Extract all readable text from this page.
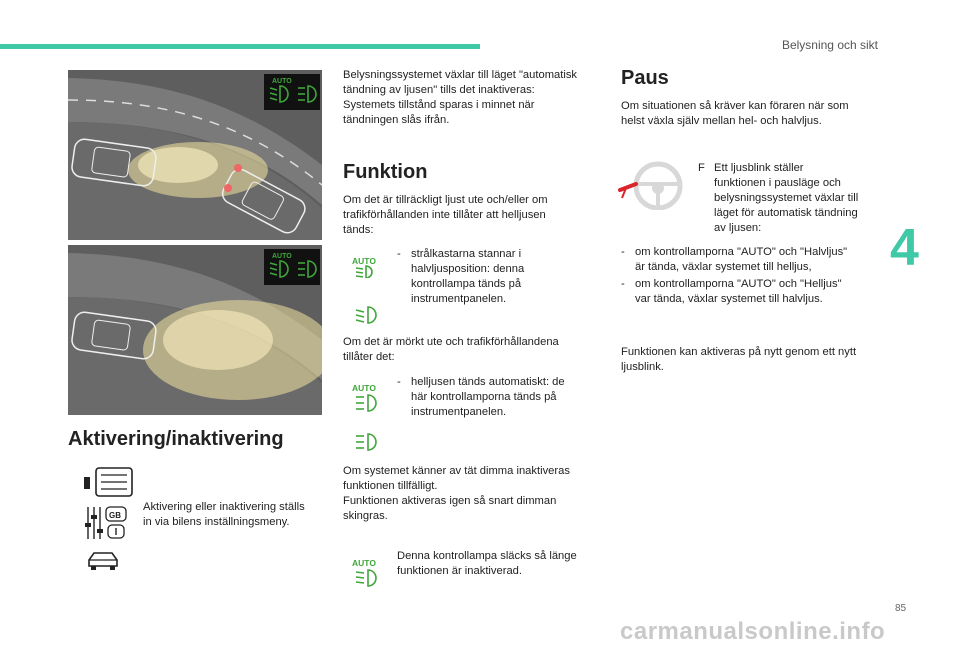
Belysning och sikt
4
AUTO
AUTO
Aktivering/inaktivering
GB
Aktivering eller inaktivering ställs
in via bilens inställningsmeny.
Belysningssystemet växlar till läget "automatisk
tändning av ljusen" tills det inaktiveras:
Systemets tillstånd sparas i minnet när
tändningen slås ifrån.
Funktion
Om det är tillräckligt ljust ute och/eller om
trafikförhållanden inte tillåter att helljusen
tänds:
AUTO
- strålkastarna stannar i
halvljusposition: denna
kontrollampa tänds på
instrumentpanelen.
Om det är mörkt ute och trafikförhållandena
tillåter det:
AUTO - helljusen tänds automatiskt: de
här kontrollamporna tänds på
instrumentpanelen.
Om systemet känner av tät dimma inaktiveras
funktionen tillfälligt.
Funktionen aktiveras igen så snart dimman
skingras.
AUTO
Denna kontrollampa släcks så länge
funktionen är inaktiverad.
Paus
Om situationen så kräver kan föraren när som
helst växla själv mellan hel- och halvljus.
F Ett ljusblink ställer
funktionen i pausläge och
belysningssystemet växlar till
läget för automatisk tändning
av ljusen:
- om kontrollamporna "AUTO" och "Halvljus"
är tända, växlar systemet till helljus,
- om kontrollamporna "AUTO" och "Helljus"
var tända, växlar systemet till halvljus.
Funktionen kan aktiveras på nytt genom ett nytt
ljusblink.
85
carmanualsonline.info
